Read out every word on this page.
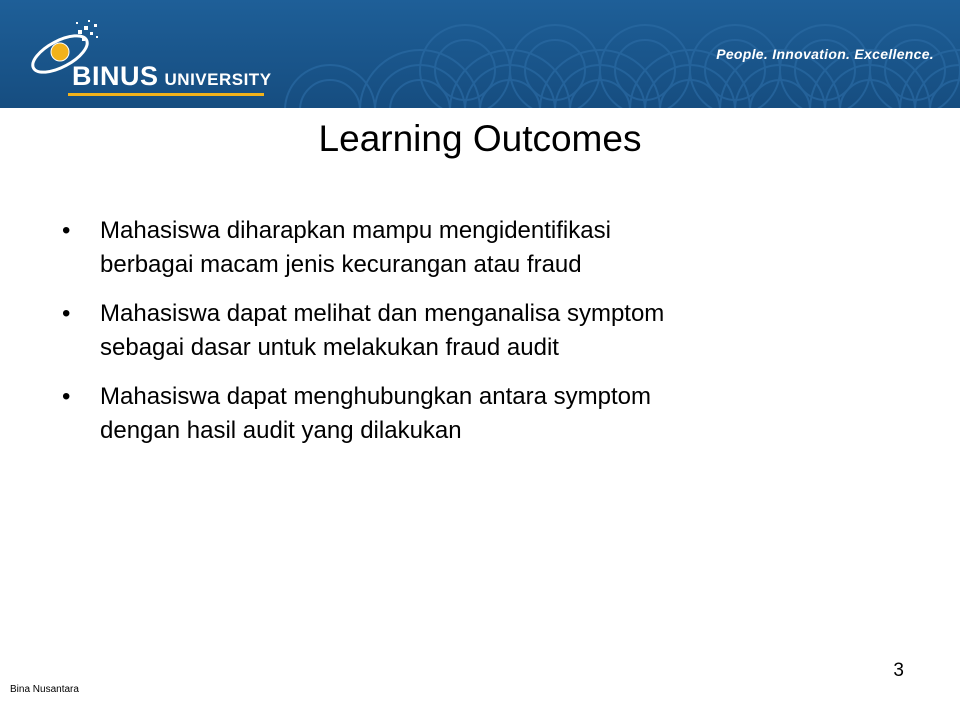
BINUS UNIVERSITY
People. Innovation. Excellence.
Learning Outcomes
• Mahasiswa diharapkan mampu mengidentifikasi
berbagai macam jenis kecurangan atau fraud
• Mahasiswa dapat melihat dan menganalisa symptom
sebagai dasar untuk melakukan fraud audit
• Mahasiswa dapat menghubungkan antara symptom
dengan hasil audit yang dilakukan
Bina Nusantara
3
